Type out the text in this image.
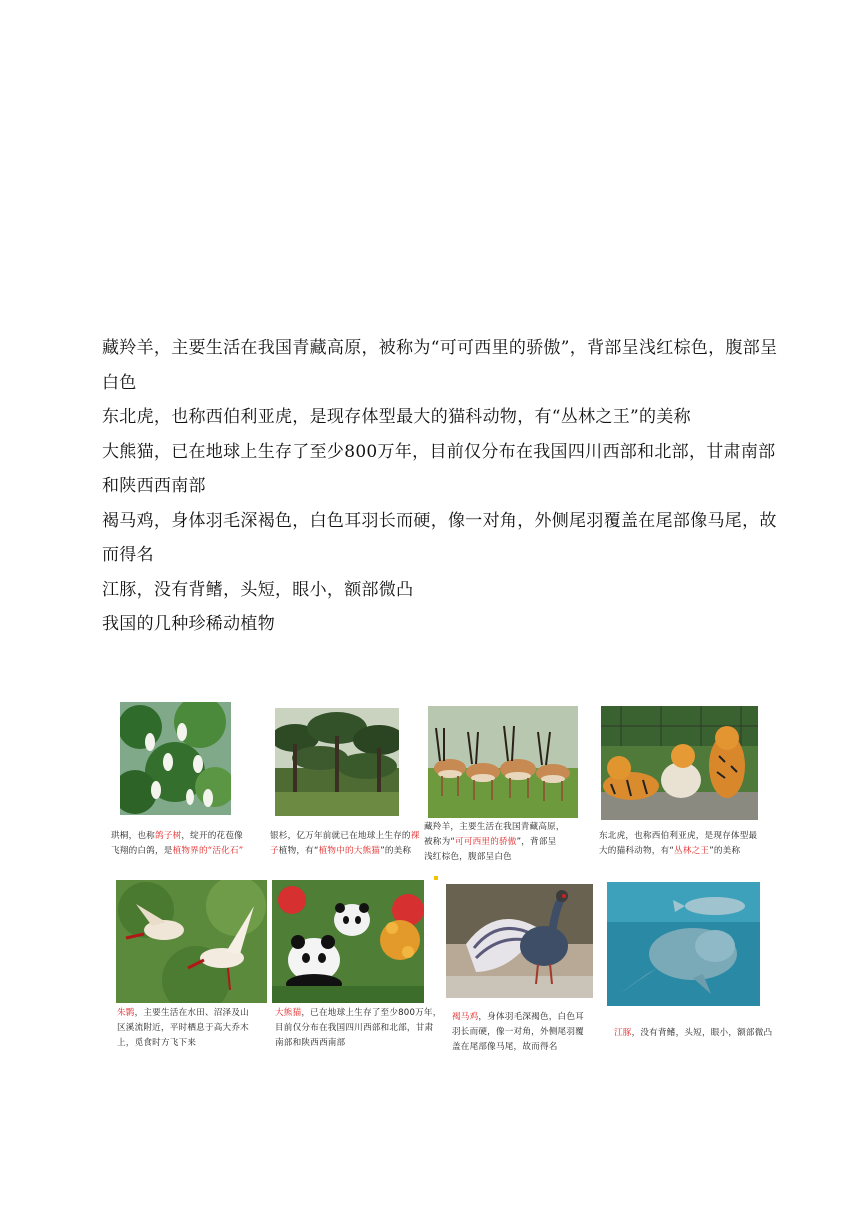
藏羚羊，主要生活在我国青藏高原，被称为“可可西里的骄傲”，背部呈浅红棕色，腹部呈白色

东北虎，也称西伯利亚虎，是现存体型最大的猫科动物，有“丛林之王”的美称

大熊猫，已在地球上生存了至少800万年，目前仅分布在我国四川西部和北部，甘肃南部和陕西西南部

褐马鸡，身体羽毛深褐色，白色耳羽长而硬，像一对角，外侧尾羽覆盖在尾部像马尾，故而得名

江豚，没有背鳍，头短，眼小，额部微凸

我国的几种珍稀动植物

珙桐，也称鸽子树，绽开的花苞像
飞翔的白鸽，是植物界的“活化石”
银杉，亿万年前就已在地球上生存的裸
子植物，有“植物中的大熊猫”的美称
藏羚羊，主要生活在我国青藏高原，
被称为“可可西里的骄傲”，背部呈
浅红棕色，腹部呈白色
东北虎，也称西伯利亚虎，是现存体型最
大的猫科动物，有“丛林之王”的美称
朱鹮，主要生活在水田、沼泽及山
区溪流附近，平时栖息于高大乔木
上，觅食时方飞下来
大熊猫，已在地球上生存了至少800万年，
目前仅分布在我国四川西部和北部，甘肃
南部和陕西西南部
褐马鸡，身体羽毛深褐色，白色耳
羽长而硬，像一对角，外侧尾羽覆
盖在尾部像马尾，故而得名
江豚，没有背鳍，头短，眼小，额部微凸
